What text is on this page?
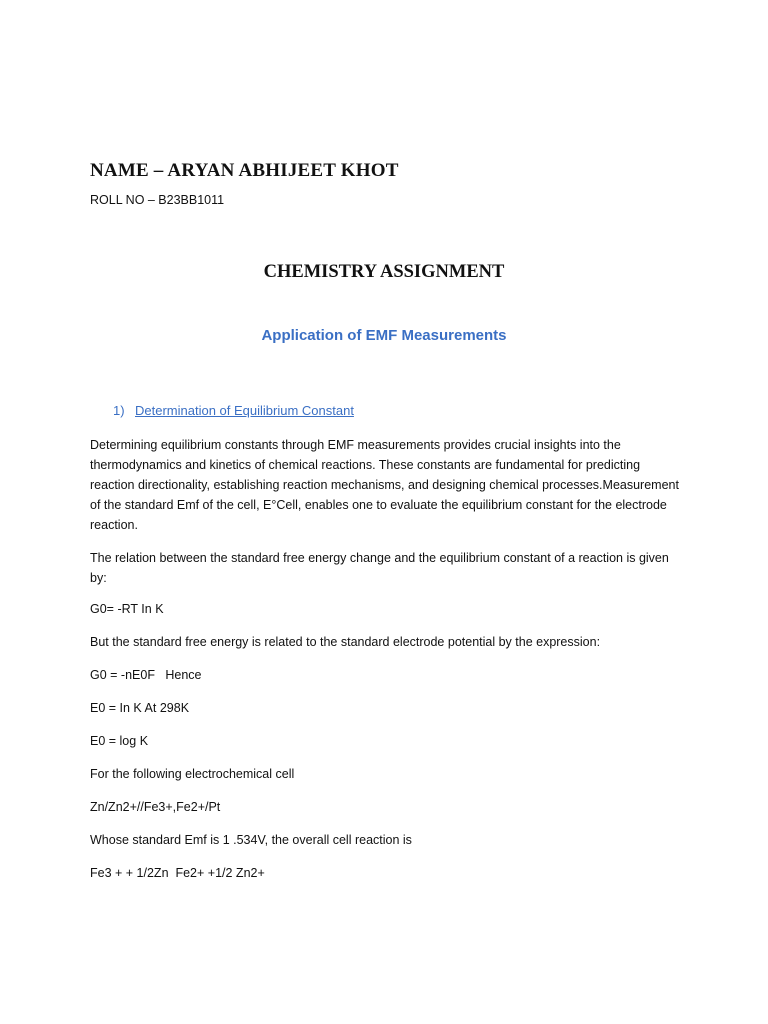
NAME – ARYAN ABHIJEET KHOT

ROLL NO – B23BB1011

CHEMISTRY ASSIGNMENT
Application of EMF Measurements
1) Determination of Equilibrium Constant

Determining equilibrium constants through EMF measurements provides crucial insights into the thermodynamics and kinetics of chemical reactions. These constants are fundamental for predicting reaction directionality, establishing reaction mechanisms, and designing chemical processes.Measurement of the standard Emf of the cell, E°Cell, enables one to evaluate the equilibrium constant for the electrode reaction.

The relation between the standard free energy change and the equilibrium constant of a reaction is given by:

G0= -RT In K

But the standard free energy is related to the standard electrode potential by the expression:

G0 = -nE0F   Hence

E0 = In K At 298K

E0 = log K

For the following electrochemical cell

Zn/Zn2+//Fe3+,Fe2+/Pt

Whose standard Emf is 1 .534V, the overall cell reaction is

Fe3 + + 1/2Zn  Fe2+ +1/2 Zn2+
